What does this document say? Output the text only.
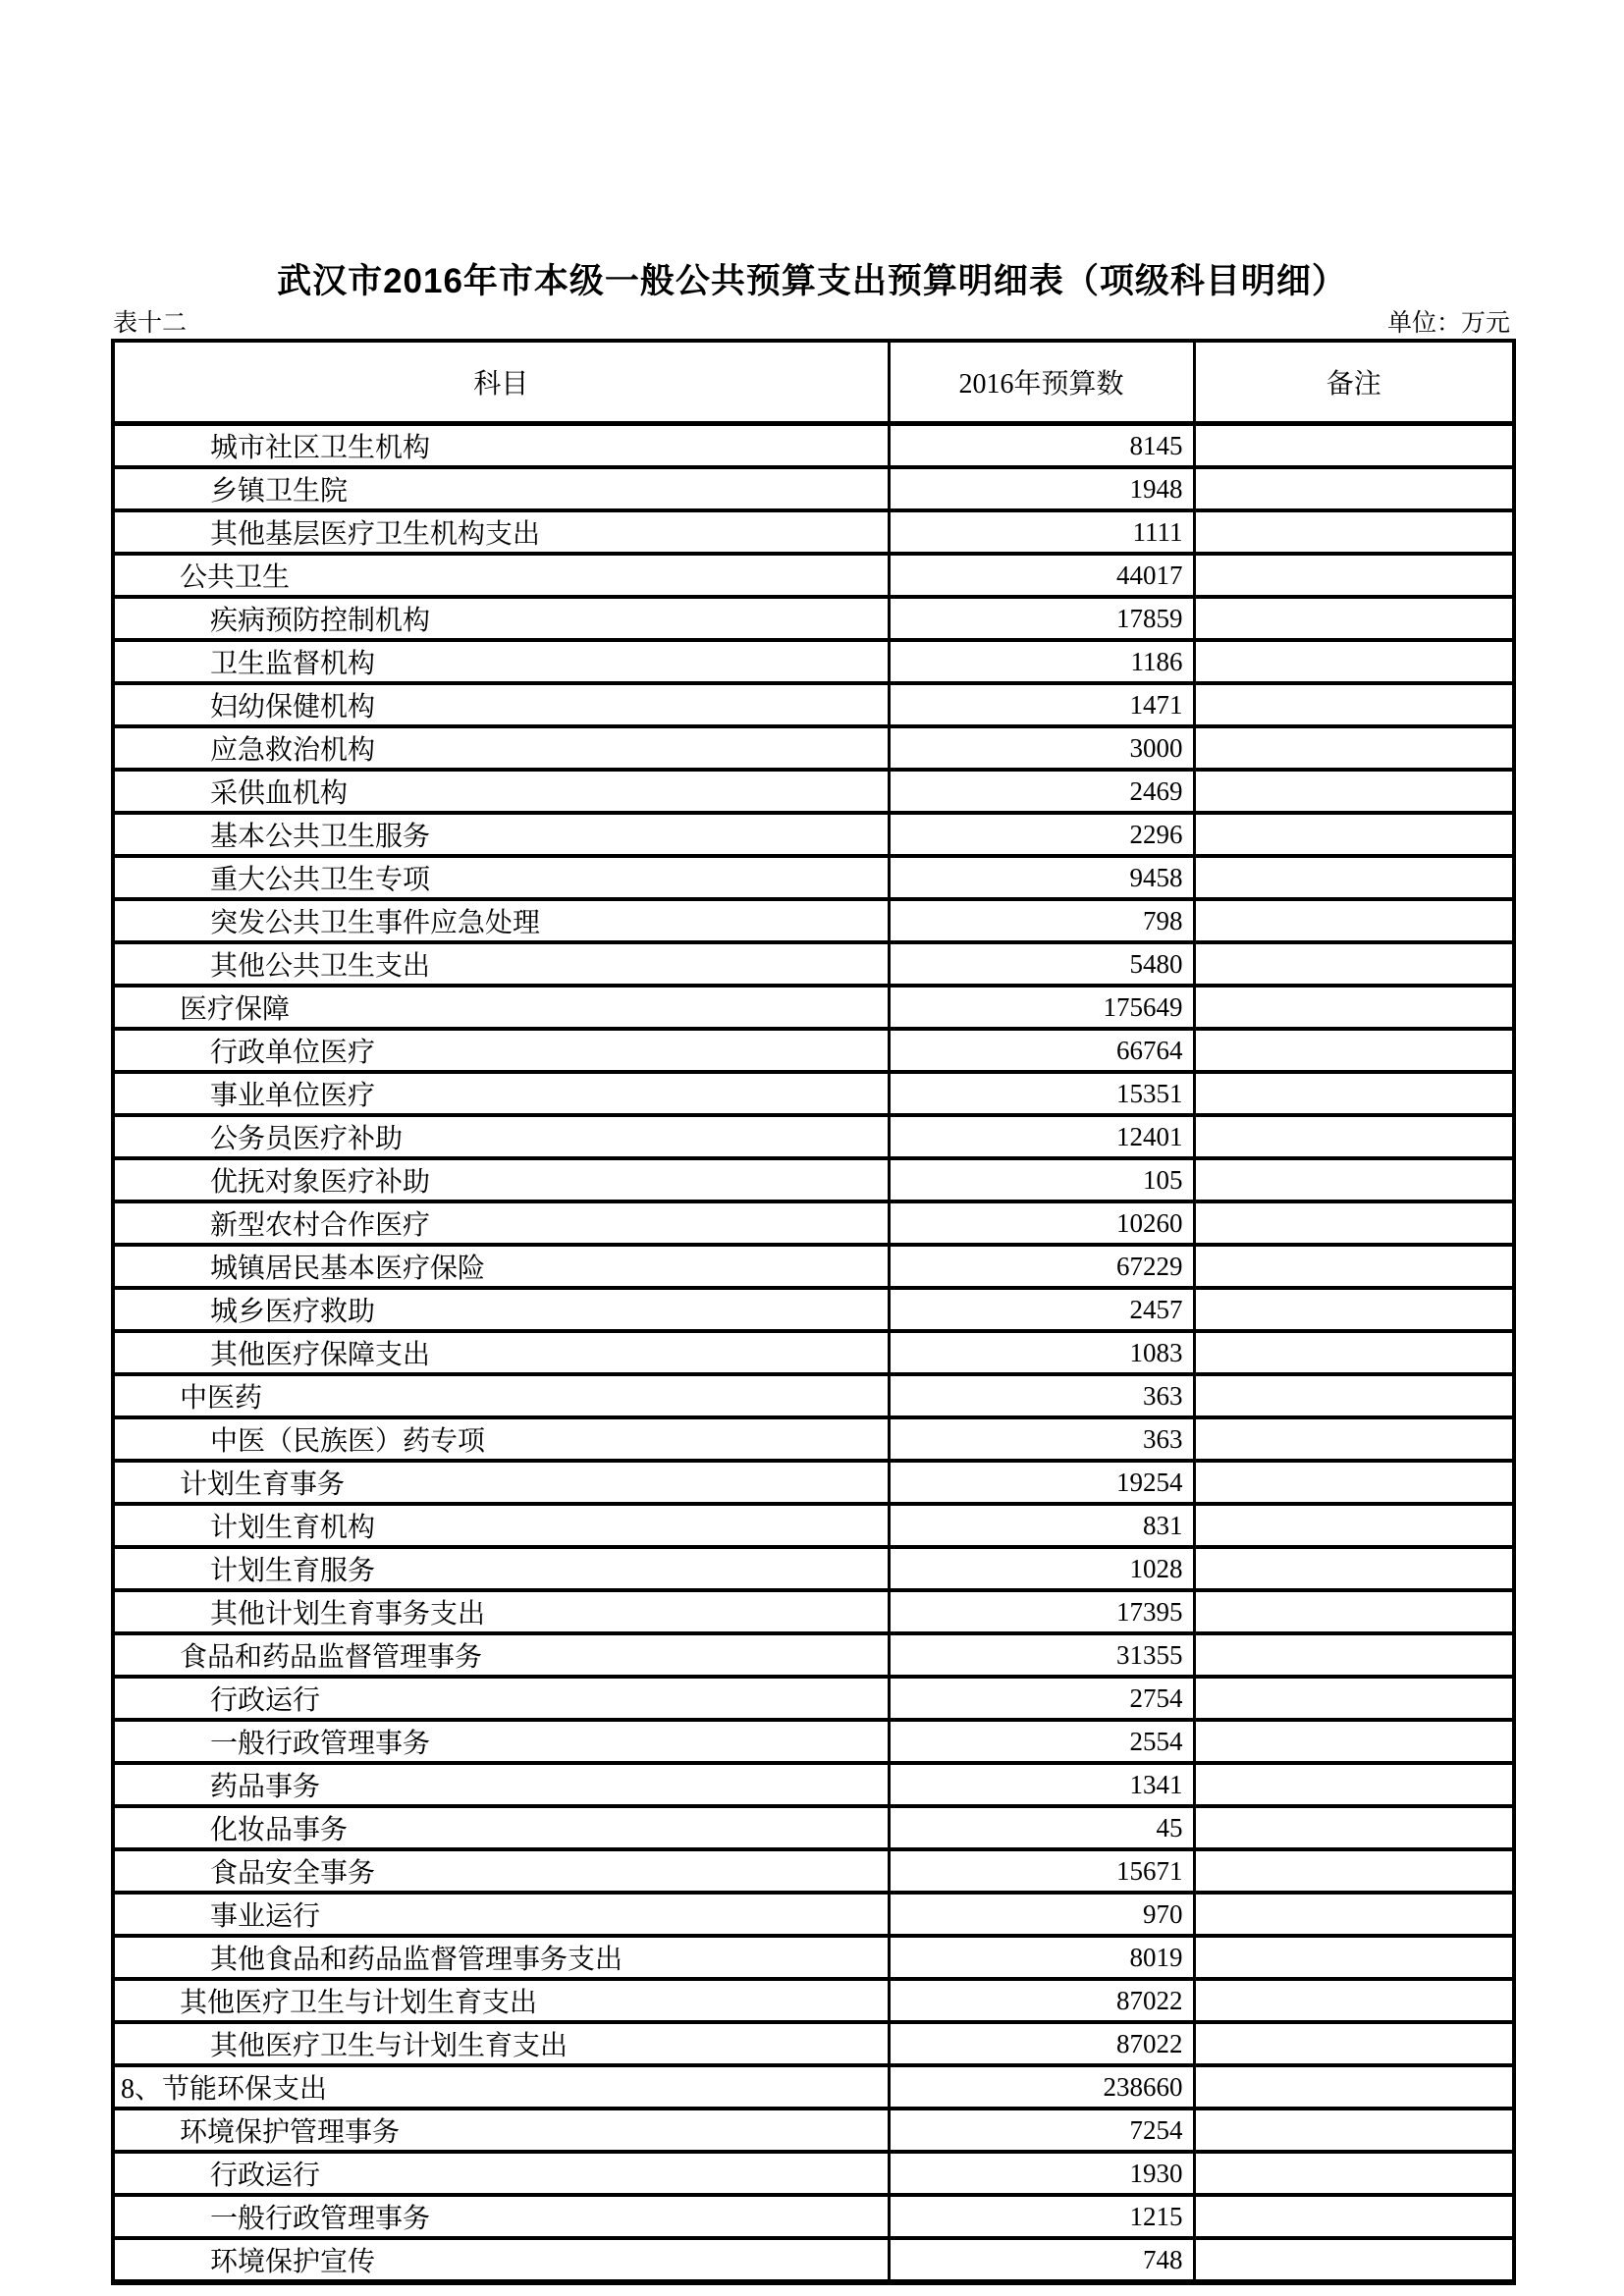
武汉市2016年市本级一般公共预算支出预算明细表（项级科目明细）
表十二	单位：万元
科目	2016年预算数	备注
城市社区卫生机构	8145	
乡镇卫生院	1948	
其他基层医疗卫生机构支出	1111	
公共卫生	44017	
疾病预防控制机构	17859	
卫生监督机构	1186	
妇幼保健机构	1471	
应急救治机构	3000	
采供血机构	2469	
基本公共卫生服务	2296	
重大公共卫生专项	9458	
突发公共卫生事件应急处理	798	
其他公共卫生支出	5480	
医疗保障	175649	
行政单位医疗	66764	
事业单位医疗	15351	
公务员医疗补助	12401	
优抚对象医疗补助	105	
新型农村合作医疗	10260	
城镇居民基本医疗保险	67229	
城乡医疗救助	2457	
其他医疗保障支出	1083	
中医药	363	
中医（民族医）药专项	363	
计划生育事务	19254	
计划生育机构	831	
计划生育服务	1028	
其他计划生育事务支出	17395	
食品和药品监督管理事务	31355	
行政运行	2754	
一般行政管理事务	2554	
药品事务	1341	
化妆品事务	45	
食品安全事务	15671	
事业运行	970	
其他食品和药品监督管理事务支出	8019	
其他医疗卫生与计划生育支出	87022	
其他医疗卫生与计划生育支出	87022	
8、节能环保支出	238660	
环境保护管理事务	7254	
行政运行	1930	
一般行政管理事务	1215	
环境保护宣传	748	
